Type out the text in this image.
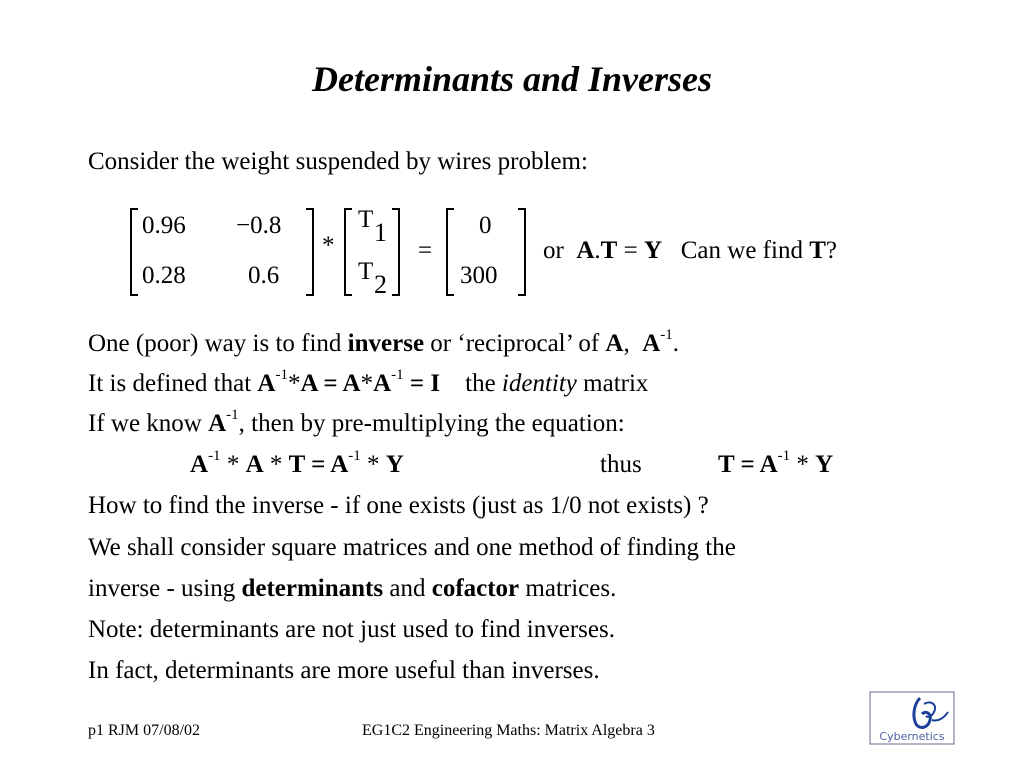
Determinants and Inverses
Consider the weight suspended by wires problem:
0.96 −0.8
0.28 0.6
*
T 1
T 2
=
0
300
or A.T = Y Can we find T?
One (poor) way is to find inverse or ‘reciprocal’ of A,  $A^{-1}$.
It is defined that $A^{-1}*A = A*A^{-1} = I$    the identity matrix
If we know $A^{-1}$, then by pre-multiplying the equation:
$A^{-1} * A * T = A^{-1} * Y$	thus	$T = A^{-1} * Y$
How to find the inverse - if one exists (just as 1/0 not exists) ?
We shall consider square matrices and one method of finding the
inverse - using determinants and cofactor matrices.
Note: determinants are not just used to find inverses.
In fact, determinants are more useful than inverses.
p1 RJM 07/08/02	EG1C2 Engineering Maths: Matrix Algebra 3	Cybernetics
